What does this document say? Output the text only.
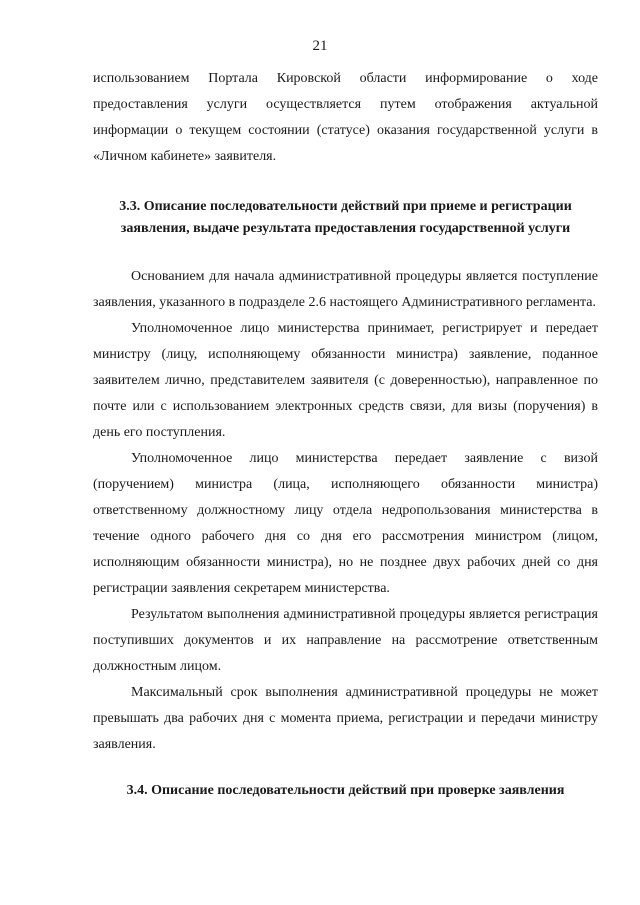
21

использованием Портала Кировской области информирование о ходе предоставления услуги осуществляется путем отображения актуальной информации о текущем состоянии (статусе) оказания государственной услуги в «Личном кабинете» заявителя.

3.3. Описание последовательности действий при приеме и регистрации заявления, выдаче результата предоставления государственной услуги

Основанием для начала административной процедуры является поступление заявления, указанного в подразделе 2.6 настоящего Административного регламента.

Уполномоченное лицо министерства принимает, регистрирует и передает министру (лицу, исполняющему обязанности министра) заявление, поданное заявителем лично, представителем заявителя (с доверенностью), направленное по почте или с использованием электронных средств связи, для визы (поручения) в день его поступления.

Уполномоченное лицо министерства передает заявление с визой (поручением) министра (лица, исполняющего обязанности министра) ответственному должностному лицу отдела недропользования министерства в течение одного рабочего дня со дня его рассмотрения министром (лицом, исполняющим обязанности министра), но не позднее двух рабочих дней со дня регистрации заявления секретарем министерства.

Результатом выполнения административной процедуры является регистрация поступивших документов и их направление на рассмотрение ответственным должностным лицом.

Максимальный срок выполнения административной процедуры не может превышать два рабочих дня с момента приема, регистрации и передачи министру заявления.

3.4. Описание последовательности действий при проверке заявления
